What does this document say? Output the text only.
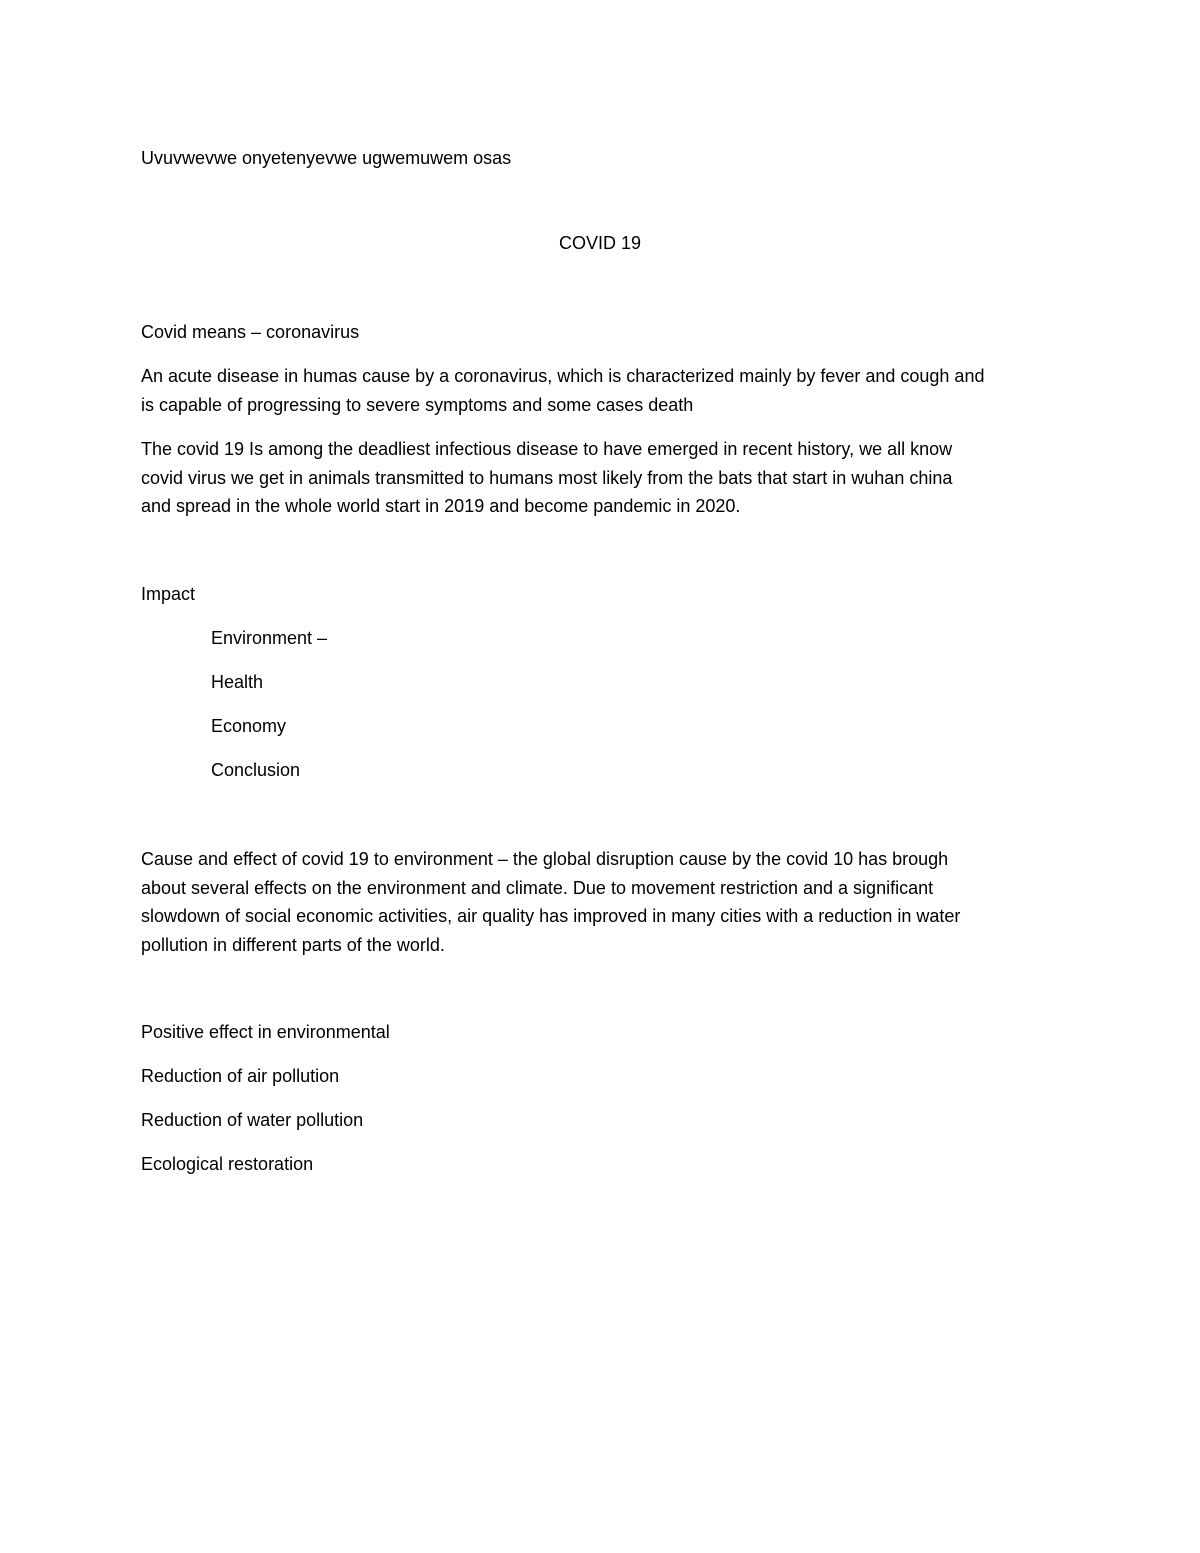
Uvuvwevwe onyetenyevwe ugwemuwem osas

COVID 19

Covid means – coronavirus

An acute disease in humas cause by a coronavirus, which is characterized mainly by fever and cough and
is capable of progressing to severe symptoms and some cases death
The covid 19 Is among the deadliest infectious disease to have emerged in recent history, we all know
covid virus we get in animals transmitted to humans most likely from the bats that start in wuhan china
and spread in the whole world start in 2019 and become pandemic in 2020.

Impact

Environment –

Health

Economy

Conclusion

Cause and effect of covid 19 to environment – the global disruption cause by the covid 10 has brough
about several effects on the environment and climate. Due to movement restriction and a significant
slowdown of social economic activities, air quality has improved in many cities with a reduction in water
pollution in different parts of the world.

Positive effect in environmental

Reduction of air pollution

Reduction of water pollution

Ecological restoration
